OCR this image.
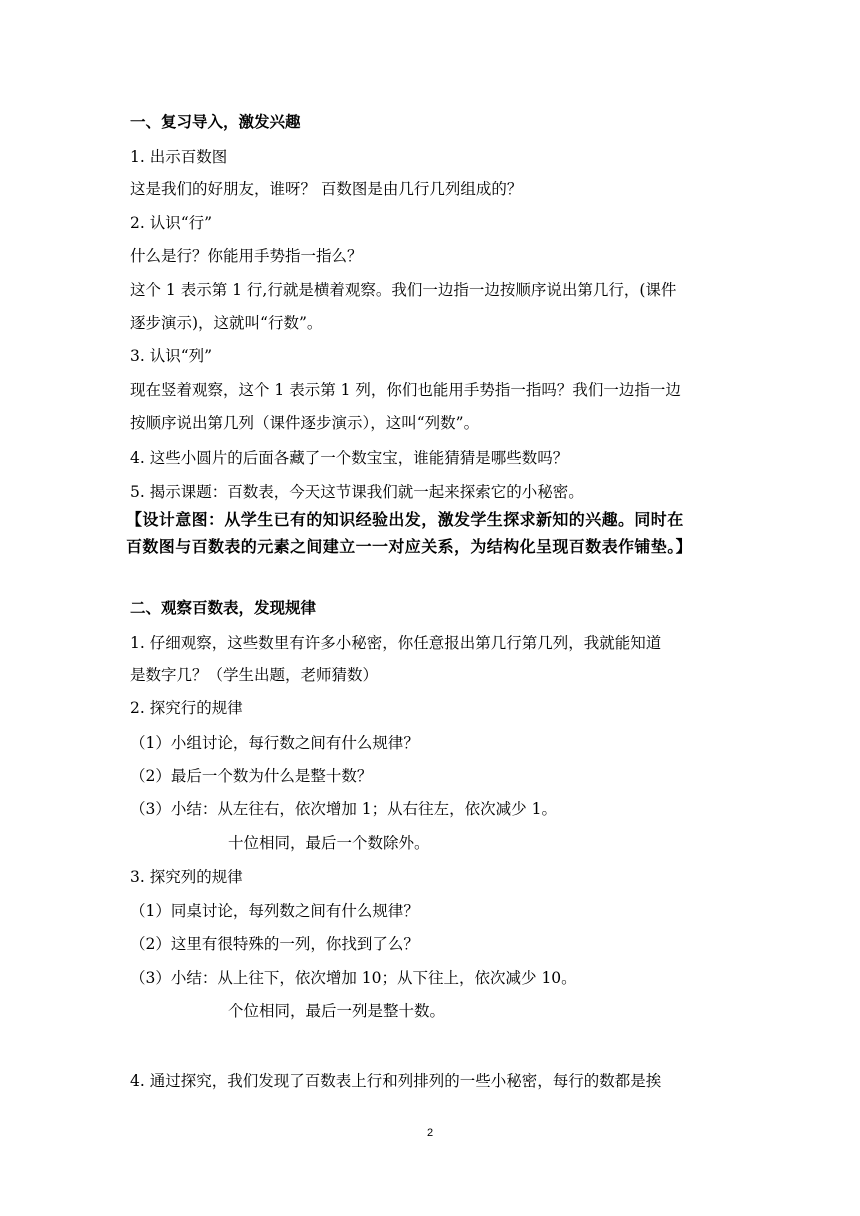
一、复习导入，激发兴趣
1. 出示百数图
这是我们的好朋友，谁呀？ 百数图是由几行几列组成的？
2. 认识“行”
什么是行？你能用手势指一指么？
这个 1 表示第 1 行,行就是横着观察。我们一边指一边按顺序说出第几行，(课件
逐步演示)，这就叫“行数”。
3. 认识“列”
现在竖着观察，这个 1 表示第 1 列，你们也能用手势指一指吗？我们一边指一边
按顺序说出第几列（课件逐步演示），这叫“列数”。
4. 这些小圆片的后面各藏了一个数宝宝，谁能猜猜是哪些数吗？
5. 揭示课题：百数表，今天这节课我们就一起来探索它的小秘密。
【设计意图：从学生已有的知识经验出发，激发学生探求新知的兴趣。同时在
百数图与百数表的元素之间建立一一对应关系，为结构化呈现百数表作铺垫。】
二、观察百数表，发现规律
1. 仔细观察，这些数里有许多小秘密，你任意报出第几行第几列，我就能知道
是数字几？（学生出题，老师猜数）
2. 探究行的规律
（1）小组讨论，每行数之间有什么规律？
（2）最后一个数为什么是整十数？
（3）小结：从左往右，依次增加 1；从右往左，依次减少 1。
十位相同，最后一个数除外。
3. 探究列的规律
（1）同桌讨论，每列数之间有什么规律？
（2）这里有很特殊的一列，你找到了么？
（3）小结：从上往下，依次增加 10；从下往上，依次减少 10。
个位相同，最后一列是整十数。
4. 通过探究，我们发现了百数表上行和列排列的一些小秘密，每行的数都是挨
2
